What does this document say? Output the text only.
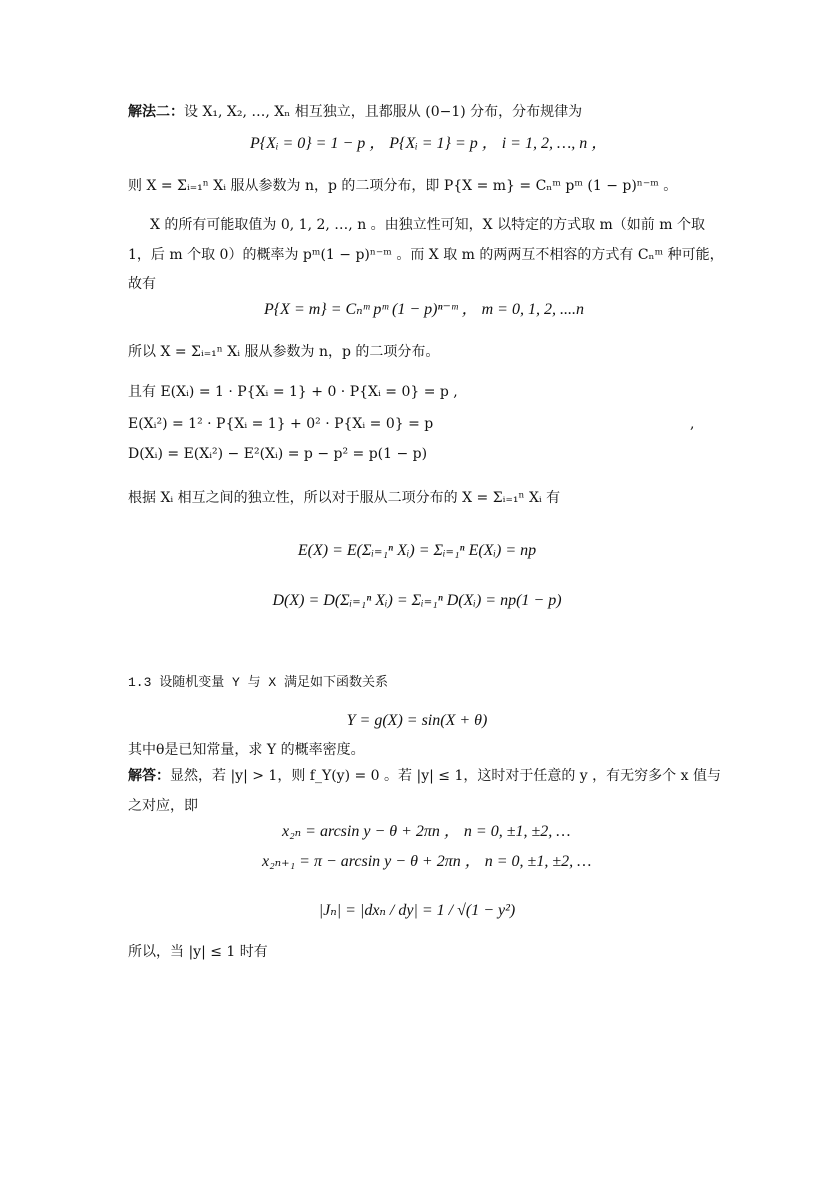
解法二：设 X₁, X₂, …, Xₙ 相互独立，且都服从 (0−1) 分布，分布规律为
P{Xᵢ = 0} = 1 − p ， P{Xᵢ = 1} = p ， i = 1, 2, …, n ，
则 X = Σᵢ₌₁ⁿ Xᵢ 服从参数为 n，p 的二项分布，即 P{X = m} = Cₙᵐ pᵐ (1 − p)ⁿ⁻ᵐ 。
X 的所有可能取值为 0, 1, 2, …, n 。由独立性可知，X 以特定的方式取 m（如前 m 个取
1，后 m 个取 0）的概率为 pᵐ(1 − p)ⁿ⁻ᵐ 。而 X 取 m 的两两互不相容的方式有 Cₙᵐ 种可能，
故有
P{X = m} = Cₙᵐ pᵐ (1 − p)ⁿ⁻ᵐ ， m = 0, 1, 2, ....n
所以 X = Σᵢ₌₁ⁿ Xᵢ 服从参数为 n，p 的二项分布。
且有 E(Xᵢ) = 1 · P{Xᵢ = 1} + 0 · P{Xᵢ = 0} = p ,
E(Xᵢ²) = 1² · P{Xᵢ = 1} + 0² · P{Xᵢ = 0} = p	,
D(Xᵢ) = E(Xᵢ²) − E²(Xᵢ) = p − p² = p(1 − p)
根据 Xᵢ 相互之间的独立性，所以对于服从二项分布的 X = Σᵢ₌₁ⁿ Xᵢ 有
E(X) = E(Σᵢ₌₁ⁿ Xᵢ) = Σᵢ₌₁ⁿ E(Xᵢ) = np
D(X) = D(Σᵢ₌₁ⁿ Xᵢ) = Σᵢ₌₁ⁿ D(Xᵢ) = np(1 − p)
1.3 设随机变量 Y 与 X 满足如下函数关系
Y = g(X) = sin(X + θ)
其中θ是已知常量，求 Y 的概率密度。
解答：显然，若 |y| > 1，则 f_Y(y) = 0 。若 |y| ≤ 1，这时对于任意的 y ，有无穷多个 x 值与
之对应，即
x₂ₙ = arcsin y − θ + 2πn ， n = 0, ±1, ±2, …
x₂ₙ₊₁ = π − arcsin y − θ + 2πn ， n = 0, ±1, ±2, …
|Jₙ| = |dxₙ / dy| = 1 / √(1 − y²)
所以，当 |y| ≤ 1 时有
